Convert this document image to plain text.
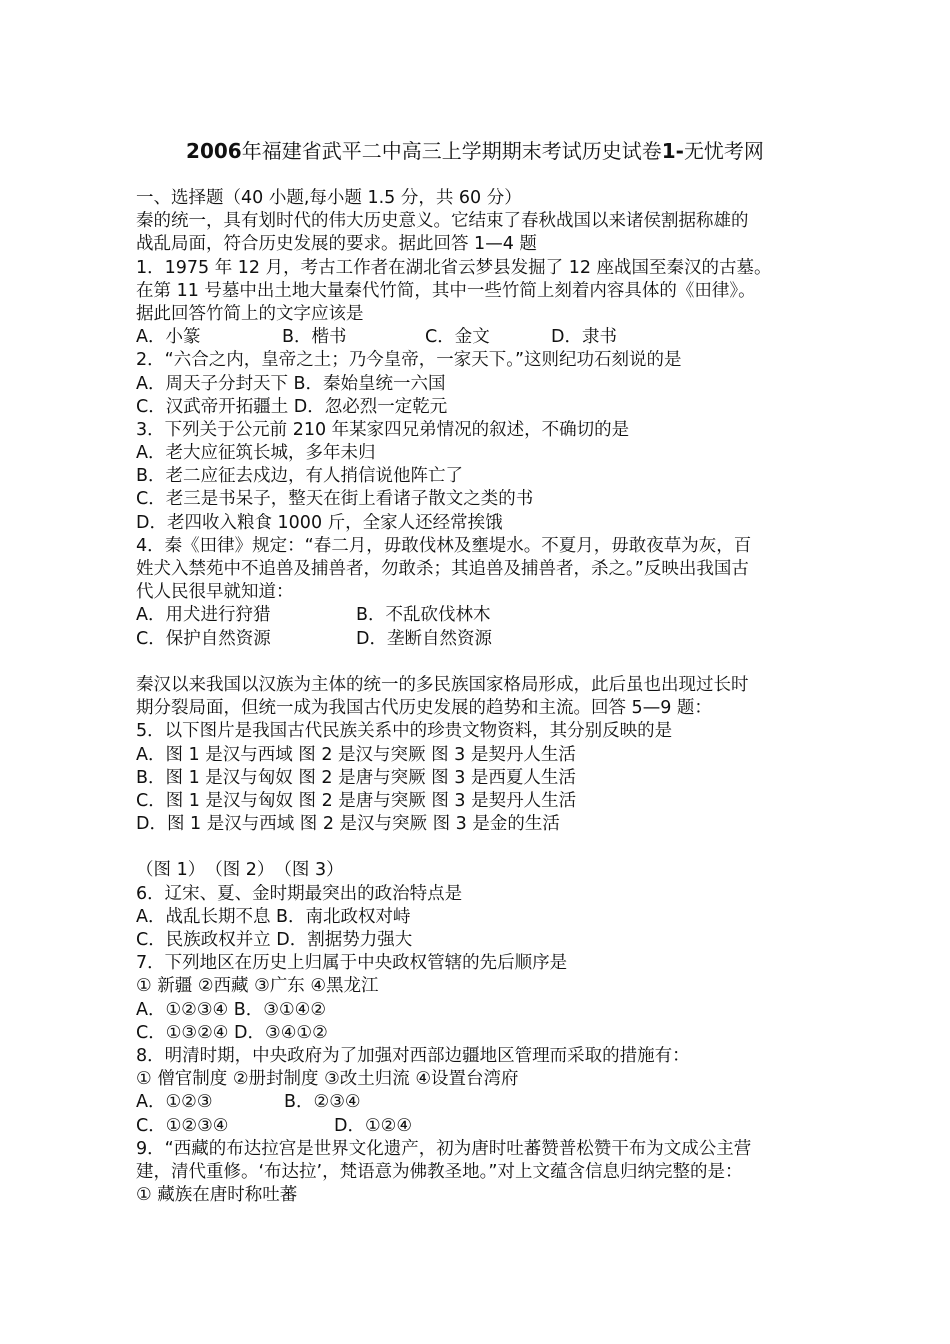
2006年福建省武平二中高三上学期期末考试历史试卷1-无忧考网
一、选择题（40 小题,每小题 1.5 分，共 60 分）
秦的统一，具有划时代的伟大历史意义。它结束了春秋战国以来诸侯割据称雄的
战乱局面，符合历史发展的要求。据此回答 1—4 题
1．1975 年 12 月，考古工作者在湖北省云梦县发掘了 12 座战国至秦汉的古墓。
在第 11 号墓中出土地大量秦代竹简，其中一些竹简上刻着内容具体的《田律》。
据此回答竹简上的文字应该是
A．小篆	B．楷书	C．金文	D．隶书
2．“六合之内，皇帝之土；乃今皇帝，一家天下。”这则纪功石刻说的是
A．周天子分封天下 B．秦始皇统一六国
C．汉武帝开拓疆土 D．忽必烈一定乾元
3．下列关于公元前 210 年某家四兄弟情况的叙述，不确切的是
A．老大应征筑长城，多年未归
B．老二应征去戍边，有人捎信说他阵亡了
C．老三是书呆子，整天在街上看诸子散文之类的书
D．老四收入粮食 1000 斤，全家人还经常挨饿
4．秦《田律》规定：“春二月，毋敢伐林及壅堤水。不夏月，毋敢夜草为灰，百
姓犬入禁苑中不追兽及捕兽者，勿敢杀；其追兽及捕兽者，杀之。”反映出我国古
代人民很早就知道：
A．用犬进行狩猎	B．不乱砍伐林木
C．保护自然资源	D．垄断自然资源
秦汉以来我国以汉族为主体的统一的多民族国家格局形成，此后虽也出现过长时
期分裂局面，但统一成为我国古代历史发展的趋势和主流。回答 5—9 题：
5．以下图片是我国古代民族关系中的珍贵文物资料，其分别反映的是
A．图 1 是汉与西域 图 2 是汉与突厥 图 3 是契丹人生活
B．图 1 是汉与匈奴 图 2 是唐与突厥 图 3 是西夏人生活
C．图 1 是汉与匈奴 图 2 是唐与突厥 图 3 是契丹人生活
D．图 1 是汉与西域 图 2 是汉与突厥 图 3 是金的生活
（图 1）　（图 2）　（图 3）
6．辽宋、夏、金时期最突出的政治特点是
A．战乱长期不息 B．南北政权对峙
C．民族政权并立 D．割据势力强大
7．下列地区在历史上归属于中央政权管辖的先后顺序是
① 新疆 ②西藏 ③广东 ④黑龙江
A．①②③④ B．③①④②
C．①③②④ D．③④①②
8．明清时期，中央政府为了加强对西部边疆地区管理而采取的措施有：
① 僧官制度 ②册封制度 ③改土归流 ④设置台湾府
A．①②③	B．②③④
C．①②③④	D．①②④
9．“西藏的布达拉宫是世界文化遗产，初为唐时吐蕃赞普松赞干布为文成公主营
建，清代重修。‘布达拉’，梵语意为佛教圣地。”对上文蕴含信息归纳完整的是：
① 藏族在唐时称吐蕃
